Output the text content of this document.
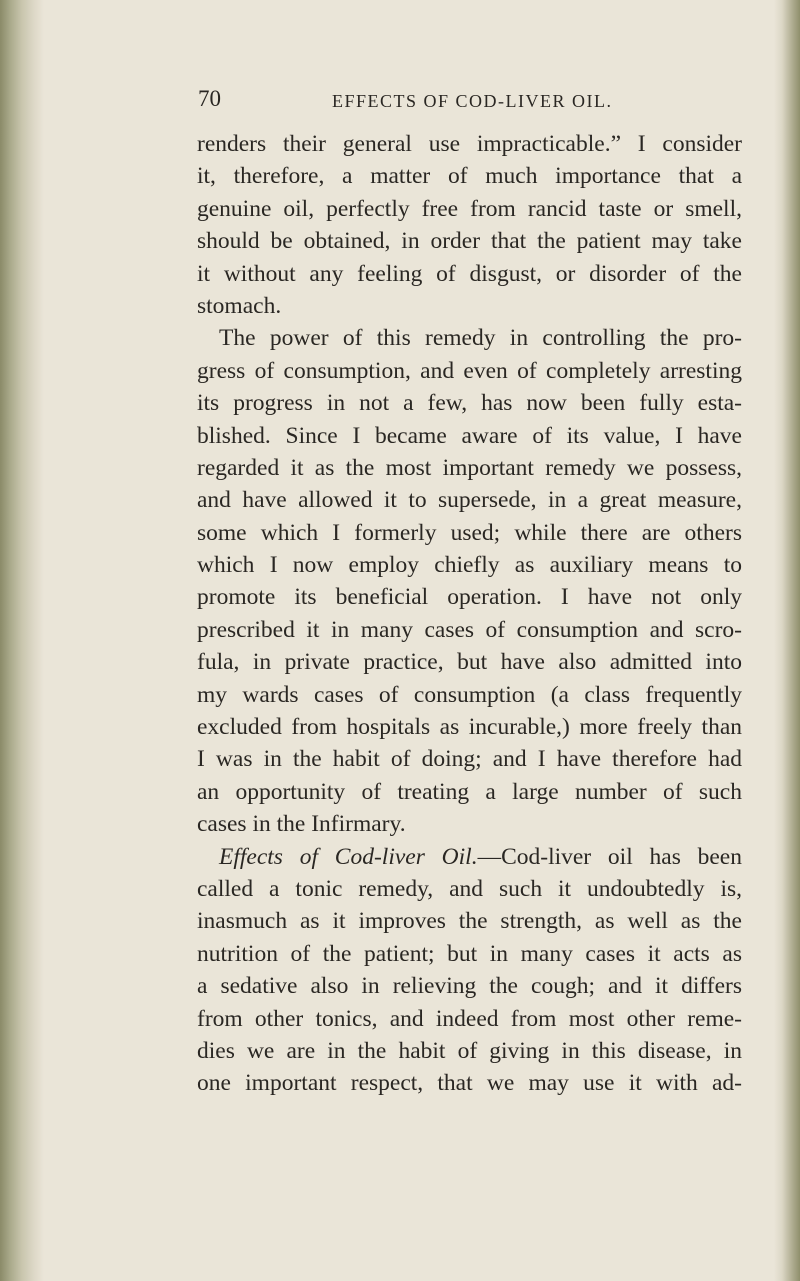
70	EFFECTS OF COD-LIVER OIL.
renders their general use impracticable.” I consider
it, therefore, a matter of much importance that a
genuine oil, perfectly free from rancid taste or smell,
should be obtained, in order that the patient may take
it without any feeling of disgust, or disorder of the
stomach.
The power of this remedy in controlling the pro-
gress of consumption, and even of completely arresting
its progress in not a few, has now been fully esta-
blished. Since I became aware of its value, I have
regarded it as the most important remedy we possess,
and have allowed it to supersede, in a great measure,
some which I formerly used; while there are others
which I now employ chiefly as auxiliary means to
promote its beneficial operation. I have not only
prescribed it in many cases of consumption and scro-
fula, in private practice, but have also admitted into
my wards cases of consumption (a class frequently
excluded from hospitals as incurable,) more freely than
I was in the habit of doing; and I have therefore had
an opportunity of treating a large number of such
cases in the Infirmary.
Effects of Cod-liver Oil.—Cod-liver oil has been
called a tonic remedy, and such it undoubtedly is,
inasmuch as it improves the strength, as well as the
nutrition of the patient; but in many cases it acts as
a sedative also in relieving the cough; and it differs
from other tonics, and indeed from most other reme-
dies we are in the habit of giving in this disease, in
one important respect, that we may use it with ad-
